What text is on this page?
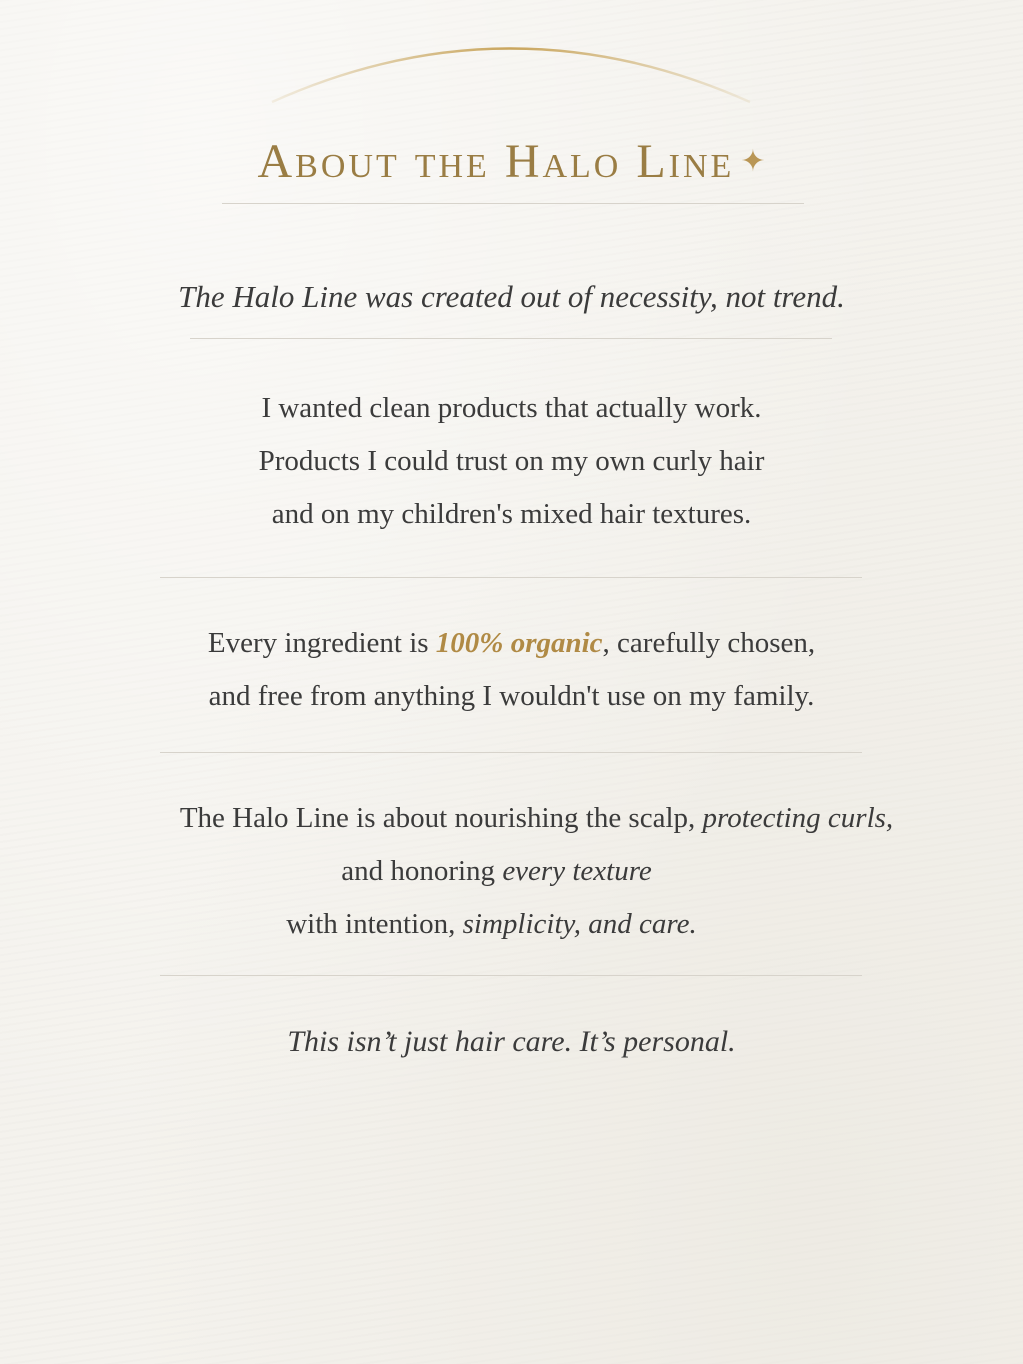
About the Halo Line ✦
The Halo Line was created out of necessity, not trend.
I wanted clean products that actually work.
Products I could trust on my own curly hair
and on my children's mixed hair textures.
Every ingredient is 100% organic, carefully chosen,
and free from anything I wouldn't use on my family.
The Halo Line is about nourishing the scalp, protecting curls,
and honoring every texture
with intention, simplicity, and care.
This isn’t just hair care. It’s personal.
